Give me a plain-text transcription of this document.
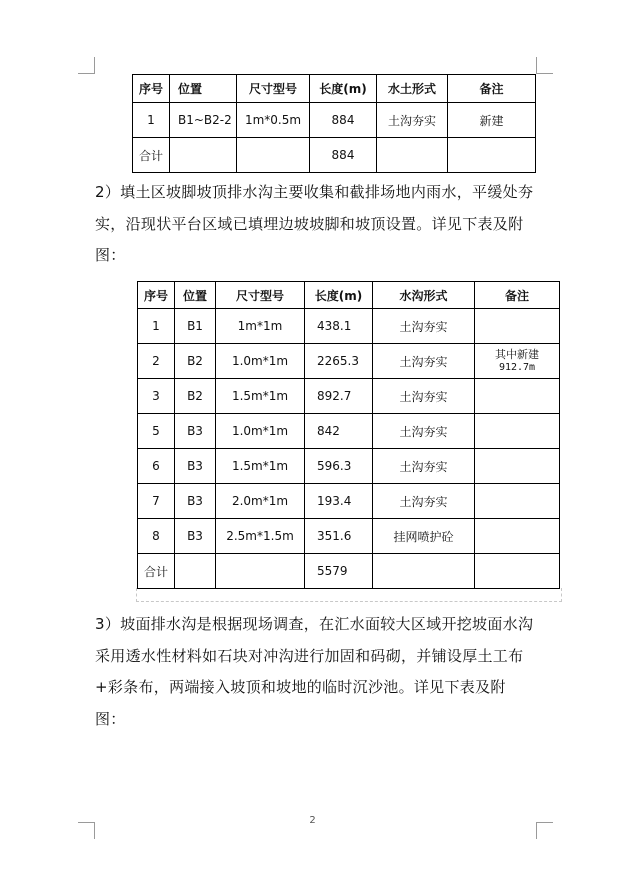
序号	位置	尺寸型号	长度(m)	水土形式	备注
1	B1~B2-2	1m*0.5m	884	土沟夯实	新建
合计			884		
2）填土区坡脚坡顶排水沟主要收集和截排场地内雨水，平缓处夯实，沿现状平台区域已填埋边坡坡脚和坡顶设置。详见下表及附图：
序号	位置	尺寸型号	长度(m)	水沟形式	备注
1	B1	1m*1m	438.1	土沟夯实	

2	B2	1.0m*1m	2265.3	土沟夯实	其中新建
912.7m

3	B2	1.5m*1m	892.7	土沟夯实	

5	B3	1.0m*1m	842	土沟夯实	

6	B3	1.5m*1m	596.3	土沟夯实	

7	B3	2.0m*1m	193.4	土沟夯实	

8	B3	2.5m*1.5m	351.6	挂网喷护砼	

合计			5579		
3）坡面排水沟是根据现场调查，在汇水面较大区域开挖坡面水沟采用透水性材料如石块对冲沟进行加固和码砌，并铺设厚土工布+彩条布，两端接入坡顶和坡地的临时沉沙池。详见下表及附图：
2
